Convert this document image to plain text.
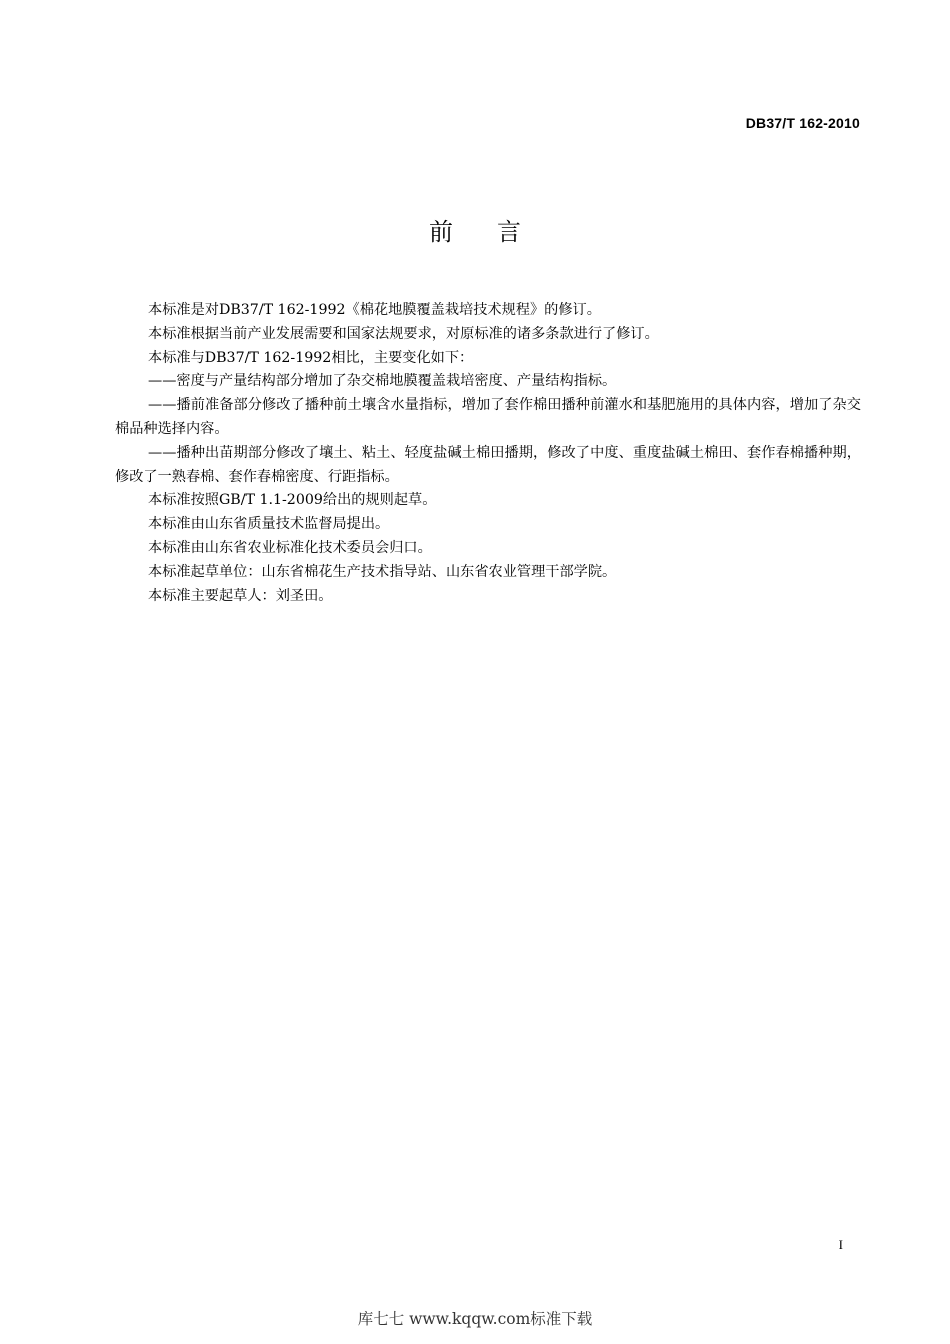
DB37/T 162-2010
前言

本标准是对DB37/T 162-1992《棉花地膜覆盖栽培技术规程》的修订。

本标准根据当前产业发展需要和国家法规要求，对原标准的诸多条款进行了修订。

本标准与DB37/T 162-1992相比，主要变化如下：

——密度与产量结构部分增加了杂交棉地膜覆盖栽培密度、产量结构指标。

——播前准备部分修改了播种前土壤含水量指标，增加了套作棉田播种前灌水和基肥施用的具体内容，增加了杂交棉品种选择内容。

——播种出苗期部分修改了壤土、粘土、轻度盐碱土棉田播期，修改了中度、重度盐碱土棉田、套作春棉播种期，修改了一熟春棉、套作春棉密度、行距指标。

本标准按照GB/T 1.1-2009给出的规则起草。

本标准由山东省质量技术监督局提出。

本标准由山东省农业标准化技术委员会归口。

本标准起草单位：山东省棉花生产技术指导站、山东省农业管理干部学院。

本标准主要起草人：刘圣田。

I
库七七 www.kqqw.com标准下载
